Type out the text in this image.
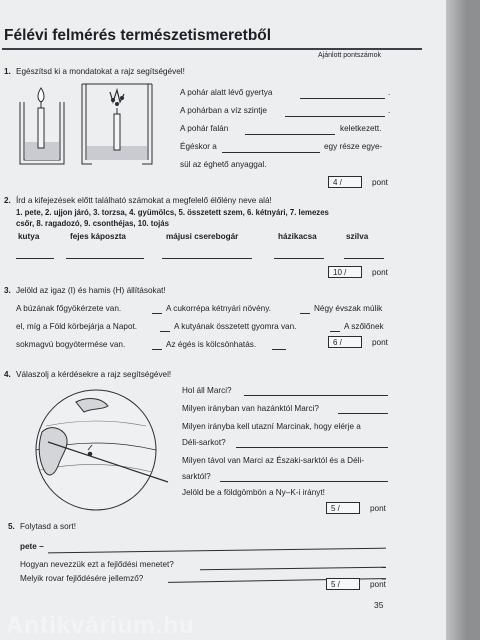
Félévi felmérés természetismeretből
Ajánlott pontszámok
1. Egészítsd ki a mondatokat a rajz segítségével!
A pohár alatt lévő gyertya	.
A pohárban a víz szintje	.
A pohár falán	keletkezett.
Égéskor a	egy része egye-
sül az éghető anyaggal.
4 /	pont
2. Írd a kifejezések előtt található számokat a megfelelő élőlény neve alá!
1. pete, 2. ujjon járó, 3. torzsa, 4. gyümölcs, 5. összetett szem, 6. kétnyári, 7. lemezes
csőr, 8. ragadozó, 9. csonthéjas, 10. tojás
kutya	fejes káposzta	májusi cserebogár	házikacsa	szilva
10 /	pont
3. Jelöld az igaz (I) és hamis (H) állításokat!
A búzának főgyökérzete van.	A cukorrépa kétnyári növény.	Négy évszak múlik
el, míg a Föld körbejárja a Napot.	A kutyának összetett gyomra van.	A szőlőnek
sokmagvú bogyótermése van.	Az égés is kölcsönhatás.	6 /	pont
4. Válaszolj a kérdésekre a rajz segítségével!
Hol áll Marci?
Milyen irányban van hazánktól Marci?
Milyen irányba kell utazní Marcinak, hogy elérje a
Déli-sarkot?
Milyen távol van Marci az Északi-sarktól és a Déli-
sarktól?
Jelöld be a földgömbön a Ny–K-i irányt!
5 /	pont
5. Folytasd a sort!
pete –
Hogyan nevezzük ezt a fejlődési menetet?
Melyik rovar fejlődésére jellemző?
5 /	pont
35
Antikvárium.hu
